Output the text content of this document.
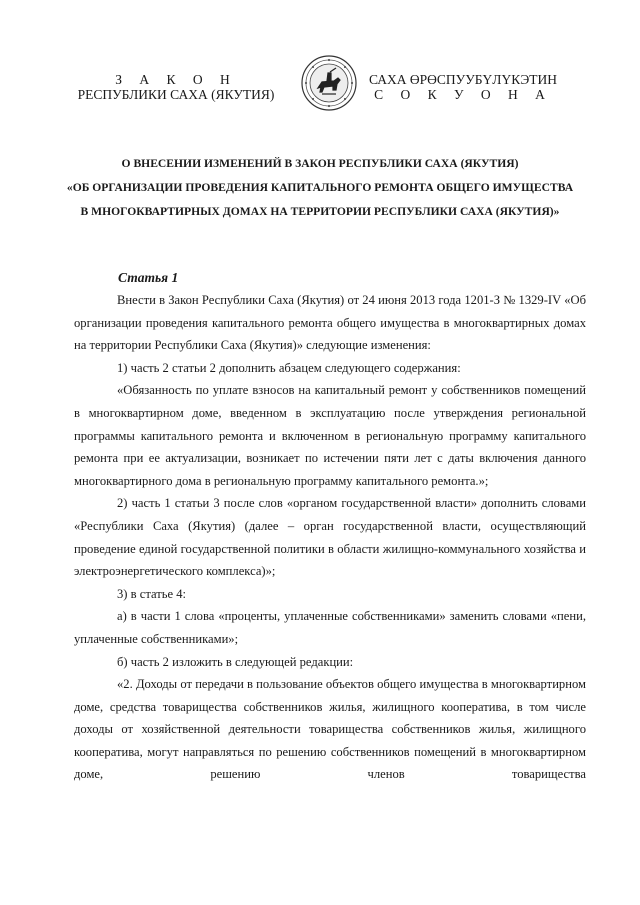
З А К О Н
РЕСПУБЛИКИ САХА (ЯКУТИЯ)
САХА ӨРӨСПУУБҮЛҮКЭТИН
С О К У О Н А
О ВНЕСЕНИИ ИЗМЕНЕНИЙ В ЗАКОН РЕСПУБЛИКИ САХА (ЯКУТИЯ)
«ОБ ОРГАНИЗАЦИИ ПРОВЕДЕНИЯ КАПИТАЛЬНОГО РЕМОНТА ОБЩЕГО ИМУЩЕСТВА
В МНОГОКВАРТИРНЫХ ДОМАХ НА ТЕРРИТОРИИ РЕСПУБЛИКИ САХА (ЯКУТИЯ)»
Статья 1

Внести в Закон Республики Саха (Якутия) от 24 июня 2013 года 1201-З № 1329-IV «Об организации проведения капитального ремонта общего имущества в многоквартирных домах на территории Республики Саха (Якутия)» следующие изменения:

1) часть 2 статьи 2 дополнить абзацем следующего содержания:

«Обязанность по уплате взносов на капитальный ремонт у собственников помещений в многоквартирном доме, введенном в эксплуатацию после утверждения региональной программы капитального ремонта и включенном в региональную программу капитального ремонта при ее актуализации, возникает по истечении пяти лет с даты включения данного многоквартирного дома в региональную программу капитального ремонта.»;

2) часть 1 статьи 3 после слов «органом государственной власти» дополнить словами «Республики Саха (Якутия) (далее – орган государственной власти, осуществляющий проведение единой государственной политики в области жилищно-коммунального хозяйства и электроэнергетического комплекса)»;

3) в статье 4:

а) в части 1 слова «проценты, уплаченные собственниками» заменить словами «пени, уплаченные собственниками»;

б) часть 2 изложить в следующей редакции:

«2. Доходы от передачи в пользование объектов общего имущества в многоквартирном доме, средства товарищества собственников жилья, жилищного кооператива, в том числе доходы от хозяйственной деятельности товарищества собственников жилья, жилищного кооператива, могут направляться по решению собственников помещений в многоквартирном доме, решению членов товарищества
